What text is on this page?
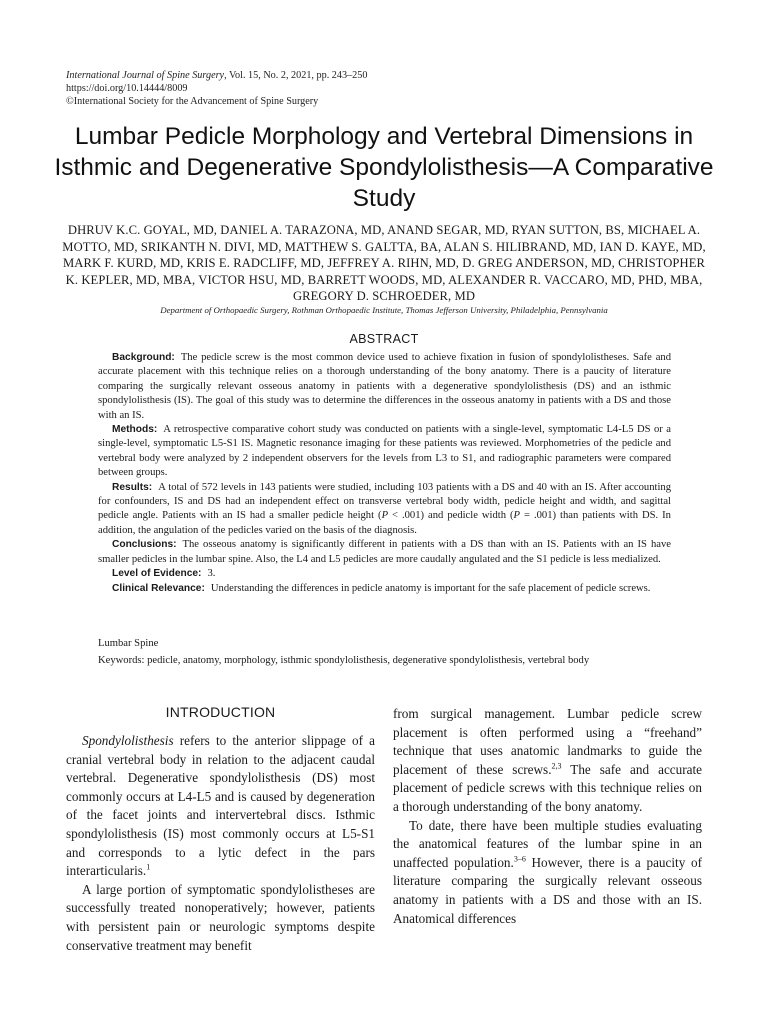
International Journal of Spine Surgery, Vol. 15, No. 2, 2021, pp. 243–250
https://doi.org/10.14444/8009
©International Society for the Advancement of Spine Surgery
Lumbar Pedicle Morphology and Vertebral Dimensions in Isthmic and Degenerative Spondylolisthesis—A Comparative Study
DHRUV K.C. GOYAL, MD, DANIEL A. TARAZONA, MD, ANAND SEGAR, MD, RYAN SUTTON, BS, MICHAEL A. MOTTO, MD, SRIKANTH N. DIVI, MD, MATTHEW S. GALTTA, BA, ALAN S. HILIBRAND, MD, IAN D. KAYE, MD, MARK F. KURD, MD, KRIS E. RADCLIFF, MD, JEFFREY A. RIHN, MD, D. GREG ANDERSON, MD, CHRISTOPHER K. KEPLER, MD, MBA, VICTOR HSU, MD, BARRETT WOODS, MD, ALEXANDER R. VACCARO, MD, PHD, MBA, GREGORY D. SCHROEDER, MD
Department of Orthopaedic Surgery, Rothman Orthopaedic Institute, Thomas Jefferson University, Philadelphia, Pennsylvania
ABSTRACT

Background: The pedicle screw is the most common device used to achieve fixation in fusion of spondylolistheses. Safe and accurate placement with this technique relies on a thorough understanding of the bony anatomy. There is a paucity of literature comparing the surgically relevant osseous anatomy in patients with a degenerative spondylolisthesis (DS) and an isthmic spondylolisthesis (IS). The goal of this study was to determine the differences in the osseous anatomy in patients with a DS and those with an IS.

Methods: A retrospective comparative cohort study was conducted on patients with a single-level, symptomatic L4-L5 DS or a single-level, symptomatic L5-S1 IS. Magnetic resonance imaging for these patients was reviewed. Morphometries of the pedicle and vertebral body were analyzed by 2 independent observers for the levels from L3 to S1, and radiographic parameters were compared between groups.

Results: A total of 572 levels in 143 patients were studied, including 103 patients with a DS and 40 with an IS. After accounting for confounders, IS and DS had an independent effect on transverse vertebral body width, pedicle height and width, and sagittal pedicle angle. Patients with an IS had a smaller pedicle height (P < .001) and pedicle width (P = .001) than patients with DS. In addition, the angulation of the pedicles varied on the basis of the diagnosis.

Conclusions: The osseous anatomy is significantly different in patients with a DS than with an IS. Patients with an IS have smaller pedicles in the lumbar spine. Also, the L4 and L5 pedicles are more caudally angulated and the S1 pedicle is less medialized.

Level of Evidence: 3.

Clinical Relevance: Understanding the differences in pedicle anatomy is important for the safe placement of pedicle screws.

Lumbar Spine
Keywords: pedicle, anatomy, morphology, isthmic spondylolisthesis, degenerative spondylolisthesis, vertebral body
INTRODUCTION

Spondylolisthesis refers to the anterior slippage of a cranial vertebral body in relation to the adjacent caudal vertebral. Degenerative spondylolisthesis (DS) most commonly occurs at L4-L5 and is caused by degeneration of the facet joints and intervertebral discs. Isthmic spondylolisthesis (IS) most commonly occurs at L5-S1 and corresponds to a lytic defect in the pars interarticularis.$^1$

A large portion of symptomatic spondylolistheses are successfully treated nonoperatively; however, patients with persistent pain or neurologic symptoms despite conservative treatment may benefit

from surgical management. Lumbar pedicle screw placement is often performed using a “freehand” technique that uses anatomic landmarks to guide the placement of these screws.$^{2,3}$ The safe and accurate placement of pedicle screws with this technique relies on a thorough understanding of the bony anatomy.

To date, there have been multiple studies evaluating the anatomical features of the lumbar spine in an unaffected population.$^{3-6}$ However, there is a paucity of literature comparing the surgically relevant osseous anatomy in patients with a DS and those with an IS. Anatomical differences
